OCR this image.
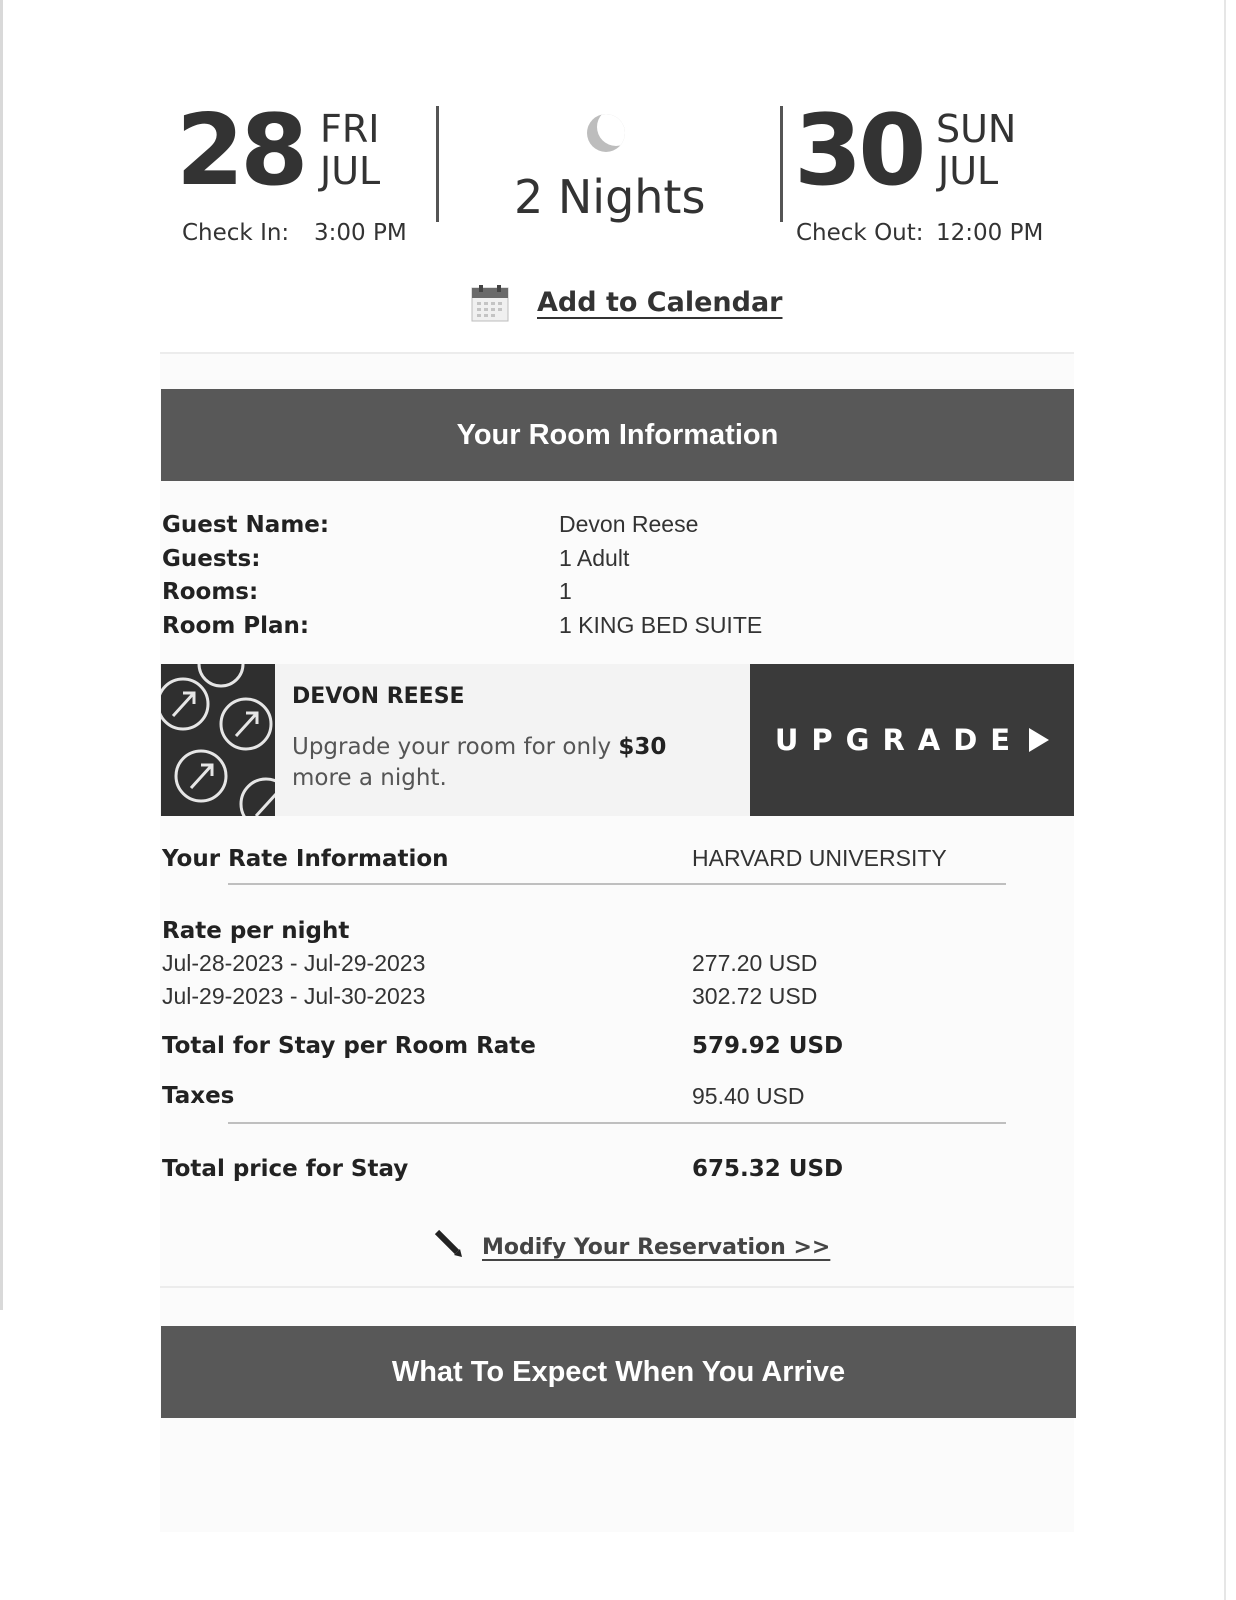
28 FRI
JUL
Check In: 3:00 PM
2 Nights 30 SUN
JUL
Check Out: 12:00 PM
Add to Calendar
Your Room Information
Guest Name:	Devon Reese
Guests:	1 Adult
Rooms:	1
Room Plan:	1 KING BED SUITE
DEVON REESE
Upgrade your room for only $30
more a night.
UPGRADE
Your Rate Information	HARVARD UNIVERSITY
Rate per night
Jul-28-2023 - Jul-29-2023	277.20 USD
Jul-29-2023 - Jul-30-2023	302.72 USD
Total for Stay per Room Rate	579.92 USD
Taxes	95.40 USD
Total price for Stay	675.32 USD
Modify Your Reservation >>
What To Expect When You Arrive
